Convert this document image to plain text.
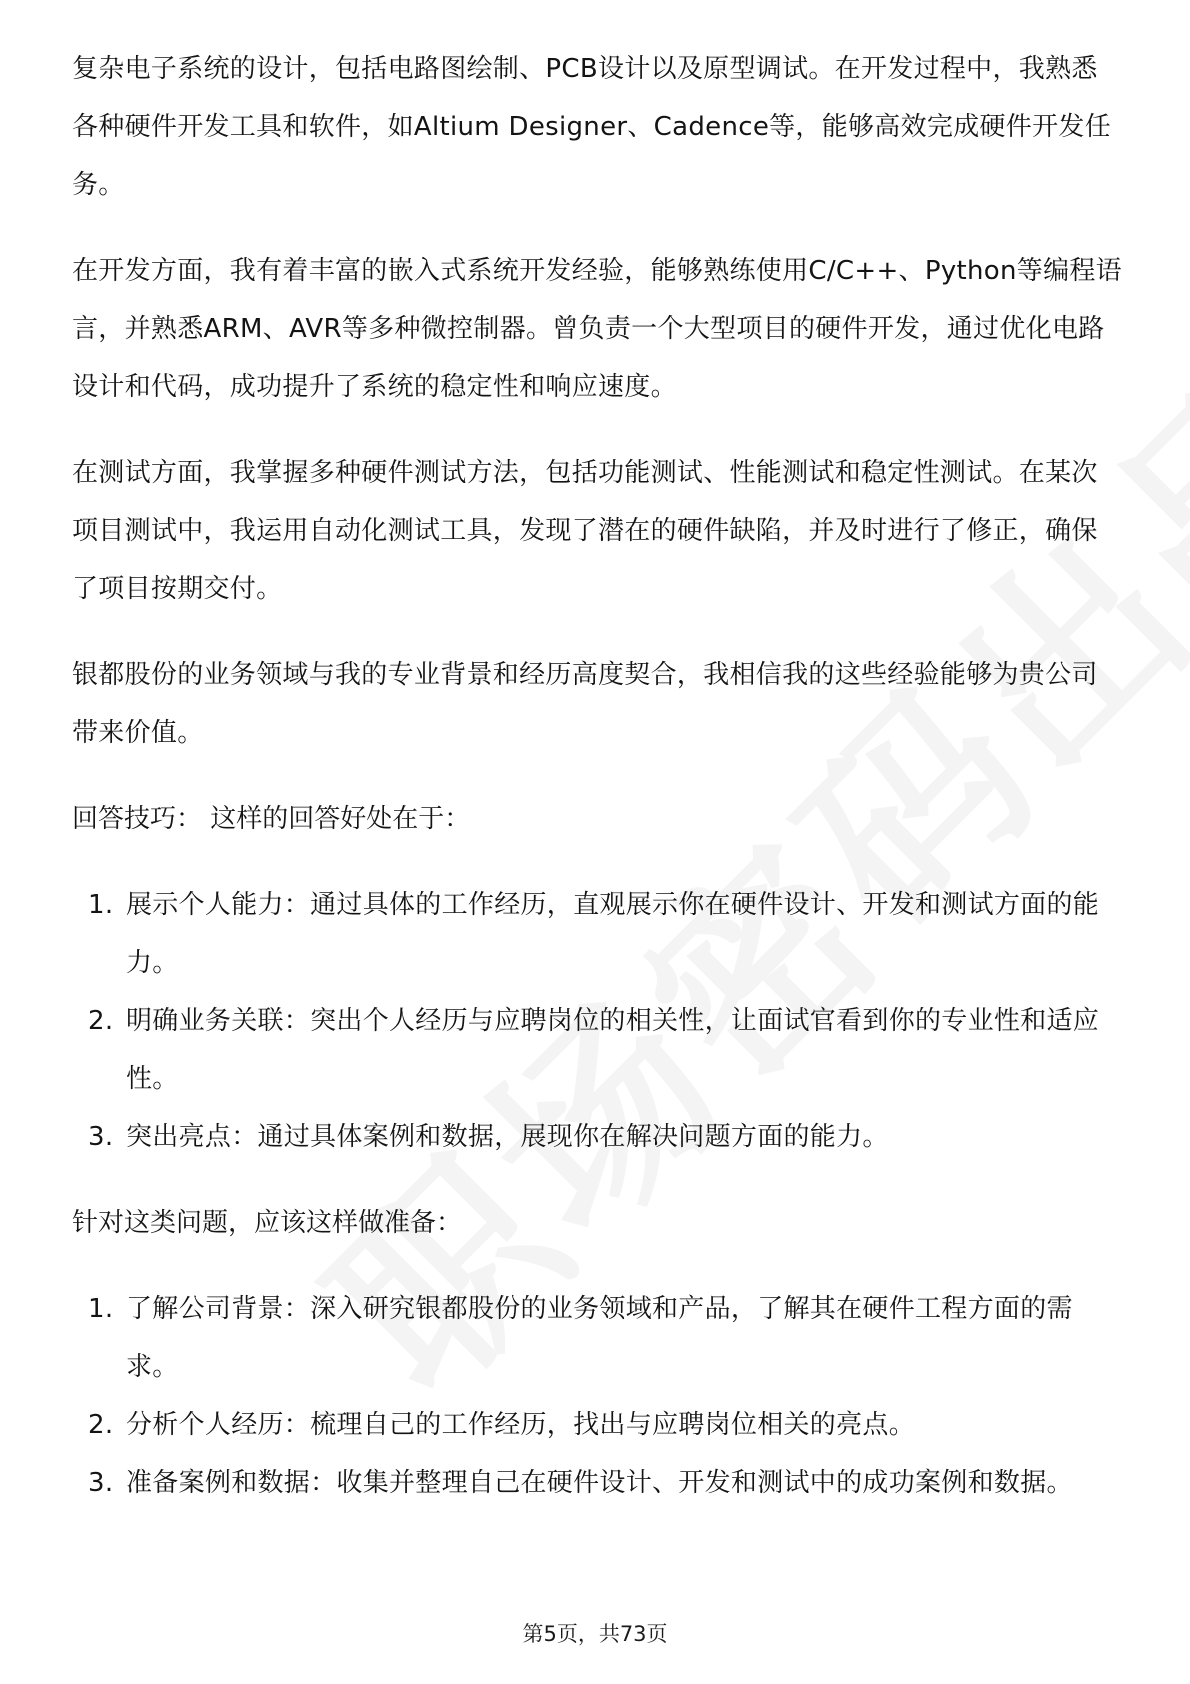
复杂电子系统的设计，包括电路图绘制、PCB设计以及原型调试。在开发过程中，我熟悉各种硬件开发工具和软件，如Altium Designer、Cadence等，能够高效完成硬件开发任务。

在开发方面，我有着丰富的嵌入式系统开发经验，能够熟练使用C/C++、Python等编程语言，并熟悉ARM、AVR等多种微控制器。曾负责一个大型项目的硬件开发，通过优化电路设计和代码，成功提升了系统的稳定性和响应速度。

在测试方面，我掌握多种硬件测试方法，包括功能测试、性能测试和稳定性测试。在某次项目测试中，我运用自动化测试工具，发现了潜在的硬件缺陷，并及时进行了修正，确保了项目按期交付。

银都股份的业务领域与我的专业背景和经历高度契合，我相信我的这些经验能够为贵公司带来价值。

回答技巧： 这样的回答好处在于：

1. 展示个人能力：通过具体的工作经历，直观展示你在硬件设计、开发和测试方面的能力。
2. 明确业务关联：突出个人经历与应聘岗位的相关性，让面试官看到你的专业性和适应性。
3. 突出亮点：通过具体案例和数据，展现你在解决问题方面的能力。

针对这类问题，应该这样做准备：

1. 了解公司背景：深入研究银都股份的业务领域和产品，了解其在硬件工程方面的需求。
2. 分析个人经历：梳理自己的工作经历，找出与应聘岗位相关的亮点。
3. 准备案例和数据：收集并整理自己在硬件设计、开发和测试中的成功案例和数据。
第5页，共73页
